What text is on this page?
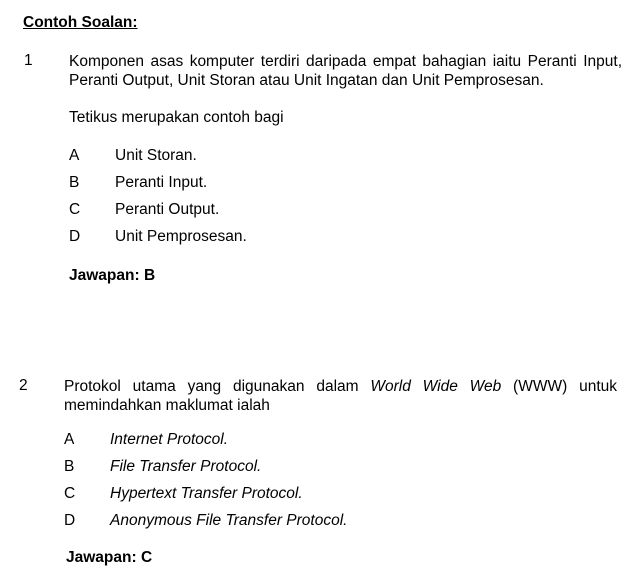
Contoh Soalan:
1 Komponen asas komputer terdiri daripada empat bahagian iaitu Peranti Input,
Peranti Output, Unit Storan atau Unit Ingatan dan Unit Pemprosesan.
Tetikus merupakan contoh bagi
A Unit Storan.
B Peranti Input.
C Peranti Output.
D Unit Pemprosesan.
Jawapan: B
2 Protokol utama yang digunakan dalam World Wide Web (WWW) untuk
memindahkan maklumat ialah
A Internet Protocol.
B File Transfer Protocol.
C Hypertext Transfer Protocol.
D Anonymous File Transfer Protocol.
Jawapan: C
